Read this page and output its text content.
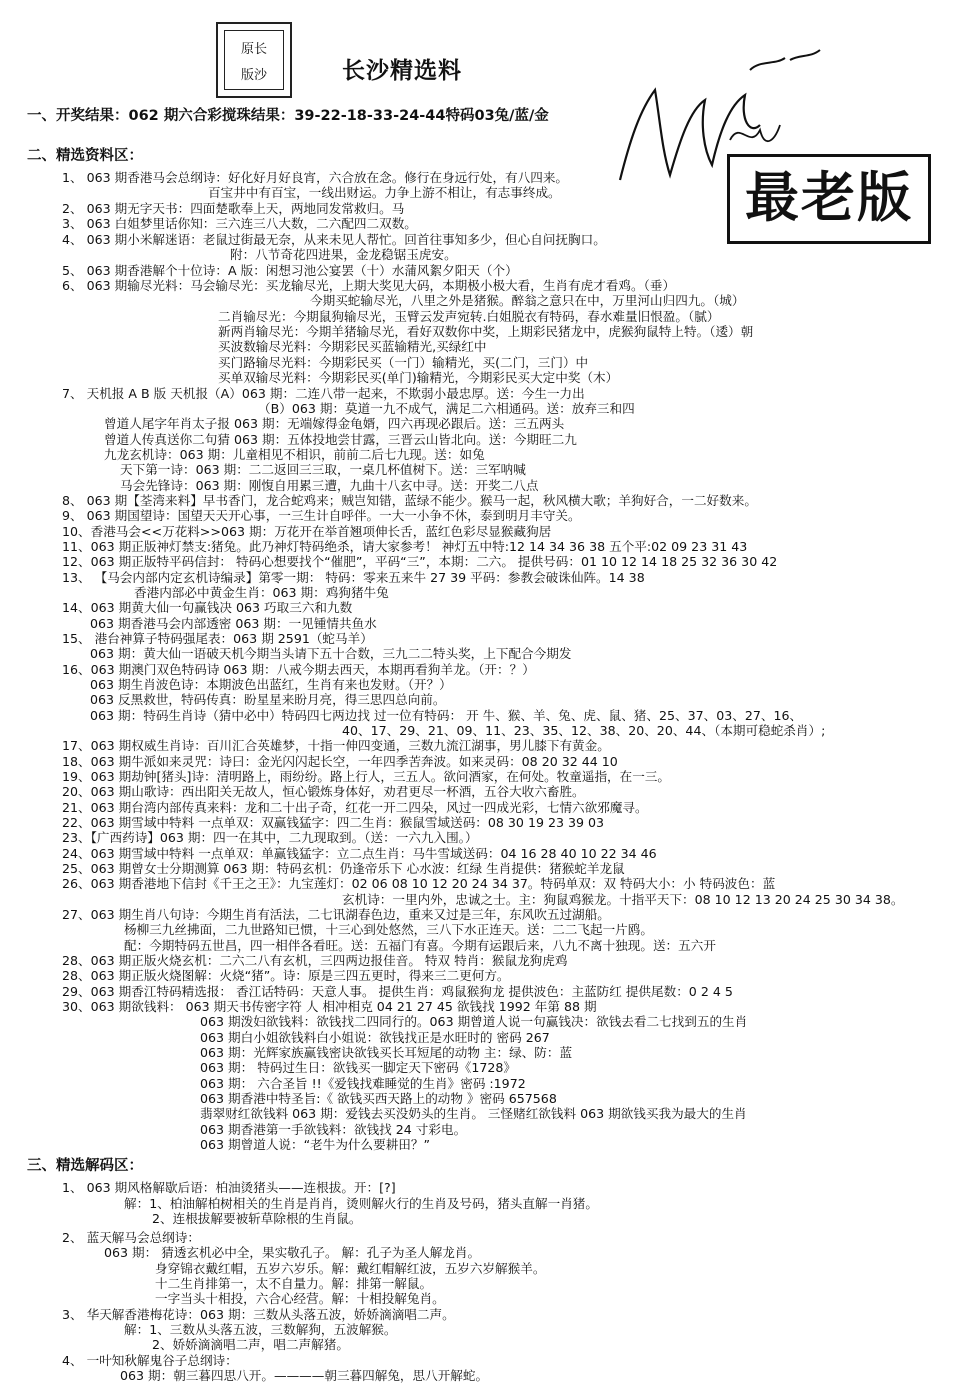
原长
版沙	长沙精选料
最老版
一、开奖结果：062 期六合彩搅珠结果：39-22-18-33-24-44特码03兔/蓝/金
二、精选资料区：
1、 063 期香港马会总纲诗：好化好月好良宵，六合放在念。修行在身远行处，有八四来。
百宝井中有百宝，一线出财运。力争上游不相让，有志事终成。
2、 063 期无字天书：四面楚歌奉上天，两地同发常救归。马
3、 063 白姐梦里话你知：三六连三八大数，二六配四二双数。
4、 063 期小米解迷语：老鼠过街最无奈，从来未见人帮忙。回首往事知多少，但心自问抚胸口。
附：八节奇花四进果，金龙稳锯玉虎安。
5、 063 期香港解个十位诗：A 版：闲想习池公宴罢（十）水蒲风絮夕阳天（个）
6、 063 期输尽光料：马会输尽光：买龙输尽光，上期大奖见大码，本期极小极大看，生肖有虎才看鸡。（垂）
今期买蛇输尽光，八里之外是猪猴。醉翁之意只在中，万里河山归四九。（城）
二肖输尽光：今期鼠狗输尽光，玉臂云发声宛转.白姐脱衣有特码，春水难量旧恨盈。（腻）
新两肖输尽光：今期羊猪输尽光，看好双数你中奖，上期彩民猪龙中，虎猴狗鼠特上特。（逶）朝
买波数输尽光料：今期彩民买蓝输精光,买绿红中
买门路输尽光料：今期彩民买（一门）输精光，买(二门，三门）中
买单双输尽光料：今期彩民买(单门)输精光，今期彩民买大定中奖（木）
7、 天机报 A B 版 天机报（A）063 期：二连八带一起来，不欺弱小最忠厚。送：今生一力出
（B）063 期：莫道一九不成气，满足二六相通码。送：放弃三和四
曾道人尾字年肖太子报 063 期：无端嫁得金龟婿，四六再现必跟后。送：三五两头
曾道人传真送你二句猜 063 期：五体投地尝甘露，三晋云山皆北向。送：今期旺二九
九龙玄机诗：063 期：儿童相见不相识，前前二后七九现。送：如兔
天下第一诗：063 期：二二返回三三取，一桌几杯值树下。送：三军呐喊
马会先锋诗：063 期：刚愎自用累三遭，九曲十八玄中寻。送：开奖二八点
8、 063 期【荃湾来料】早书香门，龙合蛇鸡来；贼岂知错，蓝绿不能少。猴马一起，秋风横大歌；羊狗好合，一二好数来。
9、 063 期国望诗：国望天天开心事，一三生计自呼伴。一大一小争不休，泰到明月丰守关。
10、香港马会<<万花料>>063 期：万花开在举首翘项伸长舌，蓝红色彩尽显猴藏狗居
11、063 期正版神灯禁支:猪兔。此乃神灯特码绝杀，请大家参考！ 神灯五中特:12 14 34 36 38 五个平:02 09 23 31 43
12、063 期正版特平码信封： 特码心想要找个“催肥”，平码“三”，本期：二六。 提供号码：01 10 12 14 18 25 32 36 30 42
13、 【马会内部内定玄机诗编录】第零一期： 特码：零来五来牛 27 39 平码：参教会破诛仙阵。14 38
香港内部必中黄金生肖：063 期：鸡狗猪牛兔
14、063 期黄大仙一句赢钱决 063 巧取三六和九数
063 期香港马会内部透密 063 期：一见锺情共鱼水
15、 港台神算子特码强尾表：063 期 2591（蛇马羊）
063 期：黄大仙一语破天机今期当头请下五十合数，三九二二特头奖，上下配合今期发
16、063 期澳门双色特码诗 063 期：八戒今期去西天，本期再看狗羊龙。（开：？）
063 期生肖波色诗：本期波色出蓝红，生肖有来也发财。（开？）
063 反黑救世，特码传真：盼星星来盼月亮，得三思四总向前。
063 期：特码生肖诗（猜中必中）特码四七两边找 过一位有特码： 开 牛、猴、羊、兔、虎、鼠、猪、25、37、03、27、16、
40、17、29、21、09、11、23、35、12、38、20、20、44、（本期可稳蛇杀肖）;
17、063 期权威生肖诗：百川汇合英雄梦，十指一伸四变通，三数九流江湖事，男儿膝下有黄金。
18、063 期牛派如来灵咒：诗曰：金光闪闪起长空，一年四季苦奔波。如来灵码：08 20 32 44 10
19、063 期劫钟[猪头]诗：清明路上，雨纷纷。路上行人，三五人。欲问酒家，在何处。牧童遥指，在一三。
20、063 期山歌诗：西出阳关无故人，恒心锻炼身体好，劝君更尽一杯酒，五谷大收六畜胜。
21、063 期台湾内部传真来料：龙和二十出子奇，红花一开二四朵，风过一四成光彩，七情六欲邪魔寻。
22、063 期雪域中特料 一点单双：双赢钱猛字：四二生肖：猴鼠雪域送码：08 30 19 23 39 03
23、【广西药诗】063 期：四一在其中，二九现取到。（送：一六九入围。）
24、063 期雪域中特料 一点单双：单赢钱猛字：立二点生肖：马牛雪域送码：04 16 28 40 10 22 34 46
25、063 期曾女士分期测算 063 期：特码玄机：仍逢帝乐下 心水波：红绿 生肖提供：猪猴蛇羊龙鼠
26、063 期香港地下信封《千王之王》：九宝莲灯：02 06 08 10 12 20 24 34 37。特码单双：双 特码大小：小 特码波色：蓝
玄机诗：一里内外，忠诚之士。主：狗鼠鸡猴龙。十指平天下：08 10 12 13 20 24 25 30 34 38。
27、063 期生肖八句诗：今期生肖有活法，二七讯湖春色边，重来又过是三年，东风吹五过湖船。
杨柳三九丝拂面，二九世路知已惯，十三心到处悠然，三八下水正连天。送：二二飞起一片鸥。
配：今期特码五世昌，四一相伴各看旺。送：五福门有喜。今期有运跟后来，八九不离十独现。送：五六开
28、063 期正版火烧玄机：二六二八有玄机，三四两边报佳音。 特双 特肖：猴鼠龙狗虎鸡
28、063 期正版火烧图解：火烧“猪”。诗：原是三四五更时，得来三二更何方。
29、063 期香江特码精选报： 香江话特码：天意人事。 提供生肖：鸡鼠猴狗龙 提供波色：主蓝防红 提供尾数：0 2 4 5
30、063 期欲钱料： 063 期天书传密字符 人 相冲相克 04 21 27 45 欲钱找 1992 年第 88 期
063 期泼妇欲钱料：欲钱找二四同行的。063 期曾道人说一句赢钱决：欲钱去看二七找到五的生肖
063 期白小姐欲钱料白小姐说：欲钱找正是水旺时的 密码 267
063 期：光辉家族赢钱密诀欲钱买长耳短尾的动物 主：绿、防：蓝
063 期： 特码过生日：欲钱买一脚定天下密码《1728》
063 期： 六合圣旨 !!《爱钱找难睡觉的生肖》密码 :1972
063 期香港中特圣旨:《 欲钱买西天路上的动物 》密码 657568
翡翠财红欲钱料 063 期：爱钱去买没奶头的生肖。 三怪赌红欲钱料 063 期欲钱买我为最大的生肖
063 期香港第一手欲钱料：欲钱找 24 寸彩电。
063 期曾道人说：“老牛为什么要耕田？”
三、精选解码区：
1、 063 期风格解歇后语：柏油烫猪头——连根拔。开：[?]
解：1、柏油解柏树相关的生肖是肖肖，烫则解火行的生肖及号码，猪头直解一肖猪。
2、连根拔解要被斩草除根的生肖鼠。
2、 蓝天解马会总纲诗：
063 期： 猜透玄机必中全，果实敬孔子。 解：孔子为圣人解龙肖。
身穿锦衣戴红帽，五岁六岁乐。解：戴红帽解红波，五岁六岁解猴羊。
十二生肖排第一，太不自量力。解：排第一解鼠。
一字当头十相投，六合心经营。解：十相投解兔肖。
3、 华天解香港梅花诗：063 期：三数从头落五波，娇娇滴滴唱二声。
解：1、三数从头落五波，三数解狗，五波解猴。
2、娇娇滴滴唱二声，唱二声解猪。
4、 一叶知秋解鬼谷子总纲诗：
063 期：朝三暮四思八开。————朝三暮四解兔，思八开解蛇。
